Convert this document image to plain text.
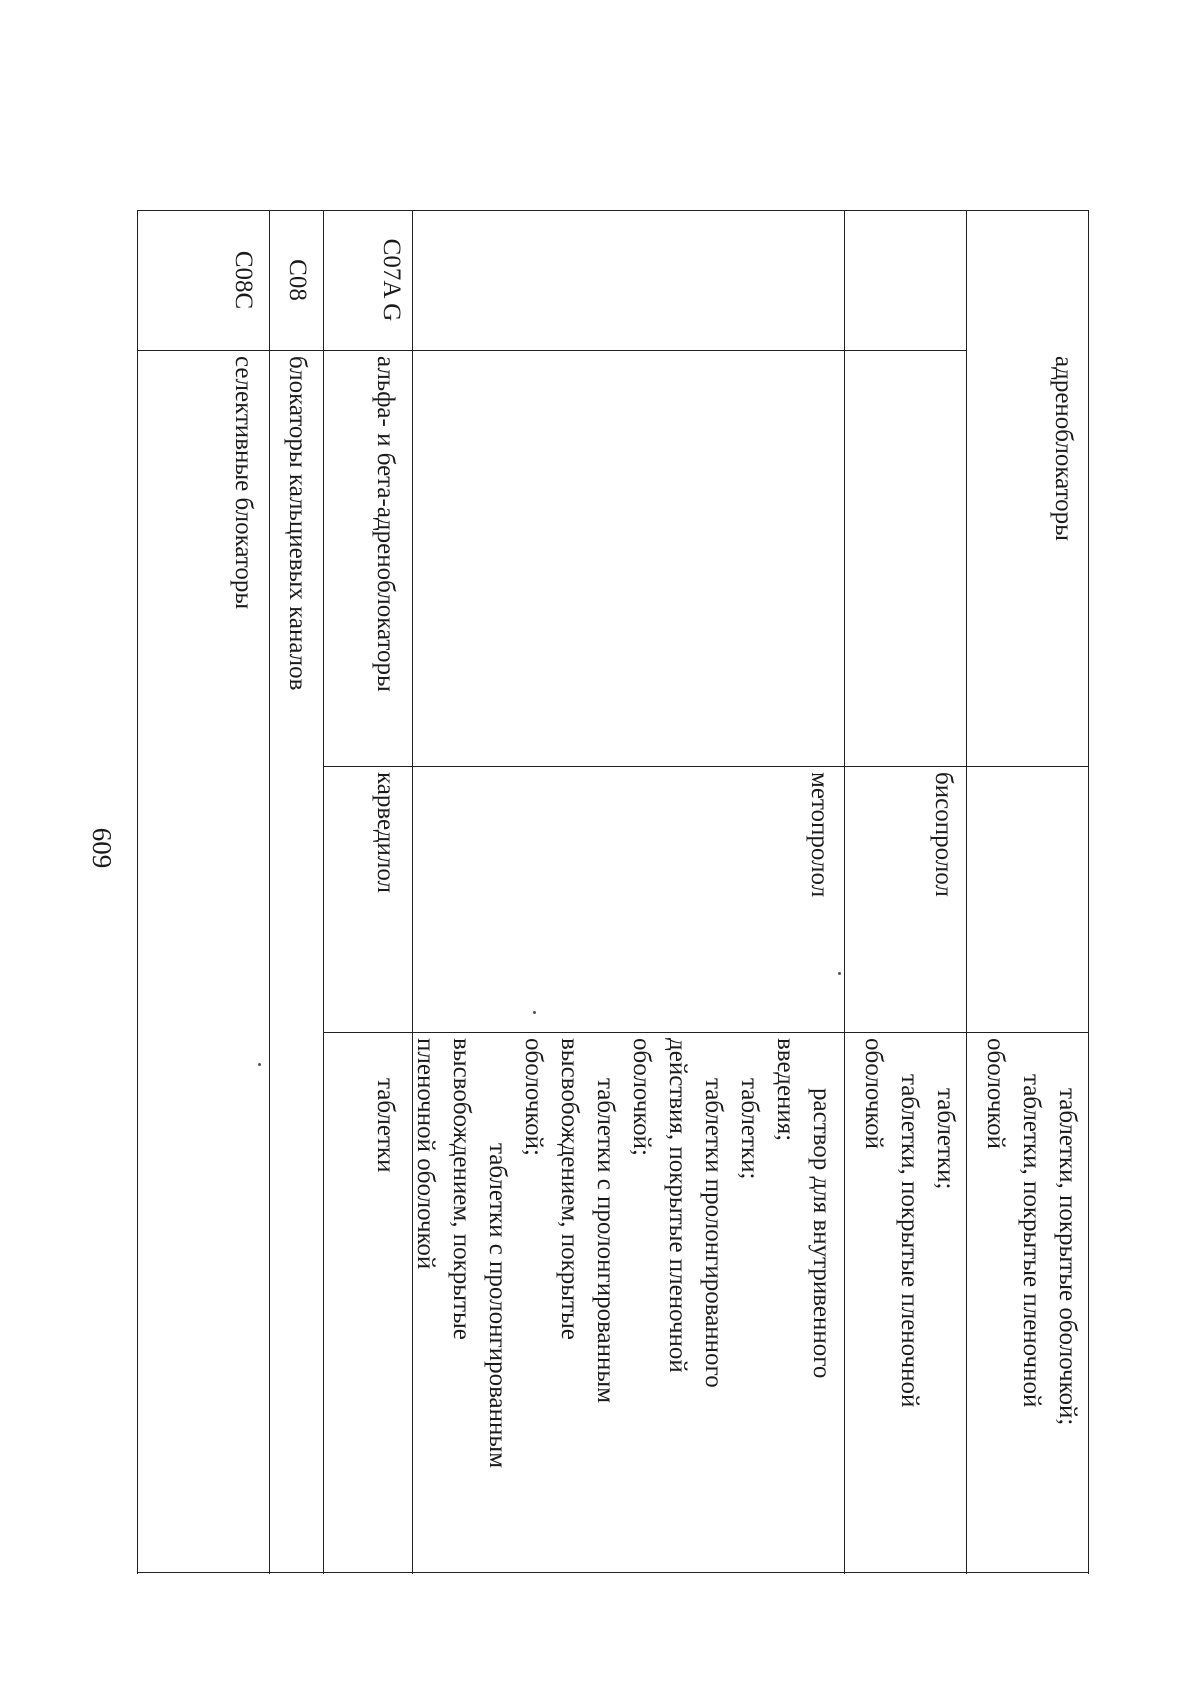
609
адреноблокаторы
таблетки, покрытые оболочкой;
таблетки, покрытые пленочной
оболочкой
бисопролол
таблетки;
таблетки, покрытые пленочной
оболочкой
метопролол
раствор для внутривенного
введения;
таблетки;
таблетки пролонгированного
действия, покрытые пленочной
оболочкой;
таблетки с пролонгированным
высвобождением, покрытые
оболочкой;
таблетки с пролонгированным
высвобождением, покрытые
пленочной оболочкой
C07A G
альфа- и бета-адреноблокаторы
карведилол
таблетки
C08
блокаторы кальциевых каналов
C08C
селективные блокаторы
